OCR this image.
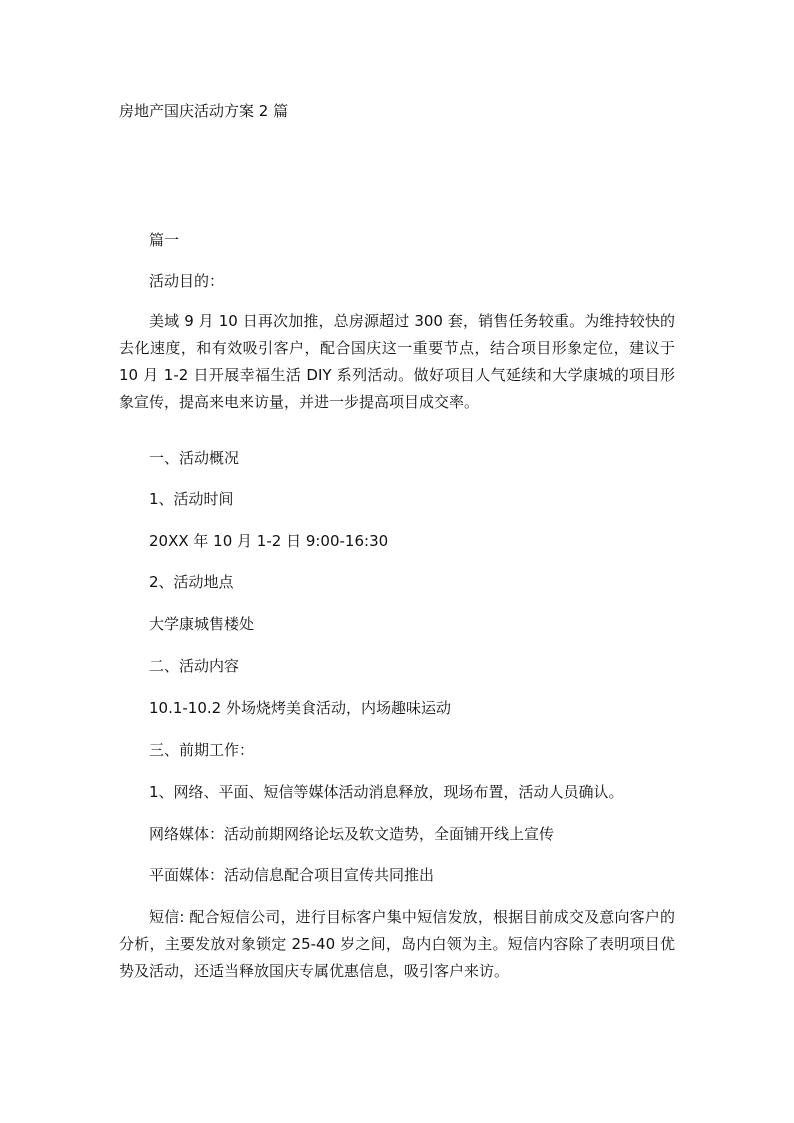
房地产国庆活动方案 2 篇

篇一

活动目的：

美域 9 月 10 日再次加推，总房源超过 300 套，销售任务较重。为维持较快的去化速度，和有效吸引客户，配合国庆这一重要节点，结合项目形象定位，建议于 10 月 1-2 日开展幸福生活 DIY 系列活动。做好项目人气延续和大学康城的项目形象宣传，提高来电来访量，并进一步提高项目成交率。

一、活动概况

1、活动时间

20XX 年 10 月 1-2 日 9:00-16:30

2、活动地点

大学康城售楼处

二、活动内容

10.1-10.2 外场烧烤美食活动，内场趣味运动

三、前期工作：

1、网络、平面、短信等媒体活动消息释放，现场布置，活动人员确认。

网络媒体：活动前期网络论坛及软文造势，全面铺开线上宣传

平面媒体：活动信息配合项目宣传共同推出

短信: 配合短信公司，进行目标客户集中短信发放，根据目前成交及意向客户的分析，主要发放对象锁定 25-40 岁之间，岛内白领为主。短信内容除了表明项目优势及活动，还适当释放国庆专属优惠信息，吸引客户来访。
